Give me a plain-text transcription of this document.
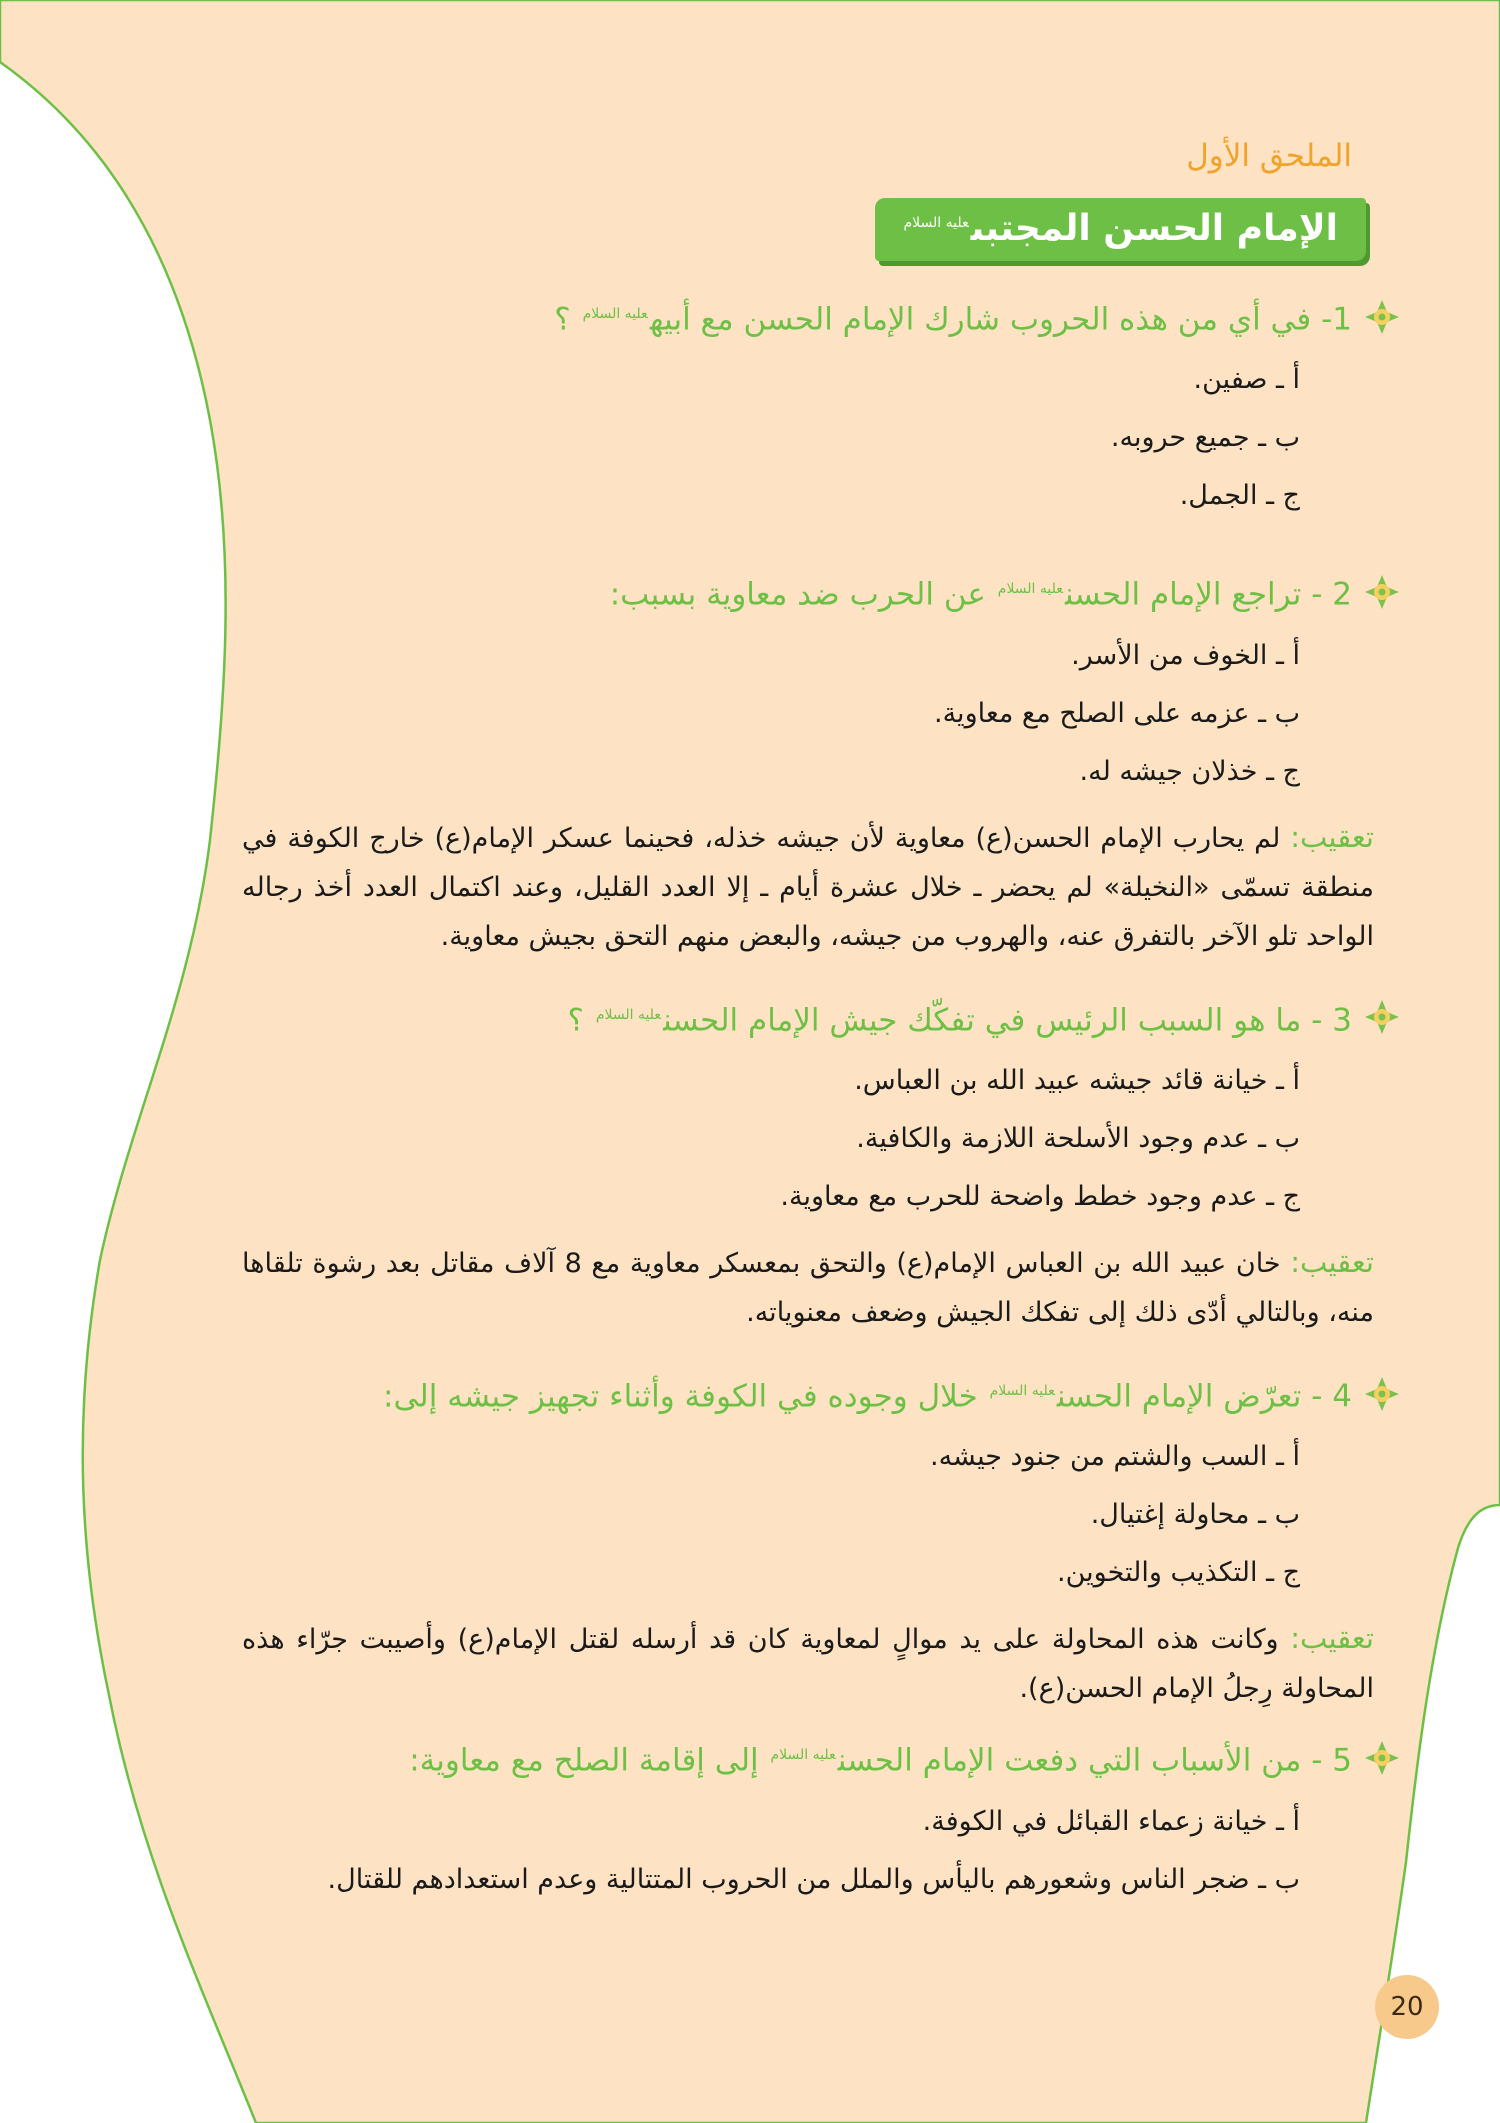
الملحق الأول
الإمام الحسن المجتبى$^{عليه السلام}$
1- في أي من هذه الحروب شارك الإمام الحسن مع أبيه$^{عليه السلام}$ ؟
أ ـ صفين.
ب ـ جميع حروبه.
ج ـ الجمل.
2 - تراجع الإمام الحسن$^{عليه السلام}$ عن الحرب ضد معاوية بسبب:
أ ـ الخوف من الأسر.
ب ـ عزمه على الصلح مع معاوية.
ج ـ خذلان جيشه له.

تعقيب: لم يحارب الإمام الحسن(ع) معاوية لأن جيشه خذله، فحينما عسكر الإمام(ع) خارج الكوفة في منطقة تسمّى «النخيلة» لم يحضر ـ خلال عشرة أيام ـ إلا العدد القليل، وعند اكتمال العدد أخذ رجاله الواحد تلو الآخر بالتفرق عنه، والهروب من جيشه، والبعض منهم التحق بجيش معاوية.

3 - ما هو السبب الرئيس في تفكّك جيش الإمام الحسن$^{عليه السلام}$ ؟
أ ـ خيانة قائد جيشه عبيد الله بن العباس.
ب ـ عدم وجود الأسلحة اللازمة والكافية.
ج ـ عدم وجود خطط واضحة للحرب مع معاوية.

تعقيب: خان عبيد الله بن العباس الإمام(ع) والتحق بمعسكر معاوية مع 8 آلاف مقاتل بعد رشوة تلقاها منه، وبالتالي أدّى ذلك إلى تفكك الجيش وضعف معنوياته.

4 - تعرّض الإمام الحسن$^{عليه السلام}$ خلال وجوده في الكوفة وأثناء تجهيز جيشه إلى:
أ ـ السب والشتم من جنود جيشه.
ب ـ محاولة إغتيال.
ج ـ التكذيب والتخوين.

تعقيب: وكانت هذه المحاولة على يد موالٍ لمعاوية كان قد أرسله لقتل الإمام(ع) وأصيبت جرّاء هذه المحاولة رِجلُ الإمام الحسن(ع).

5 - من الأسباب التي دفعت الإمام الحسن$^{عليه السلام}$ إلى إقامة الصلح مع معاوية:
أ ـ خيانة زعماء القبائل في الكوفة.
ب ـ ضجر الناس وشعورهم باليأس والملل من الحروب المتتالية وعدم استعدادهم للقتال.
20
